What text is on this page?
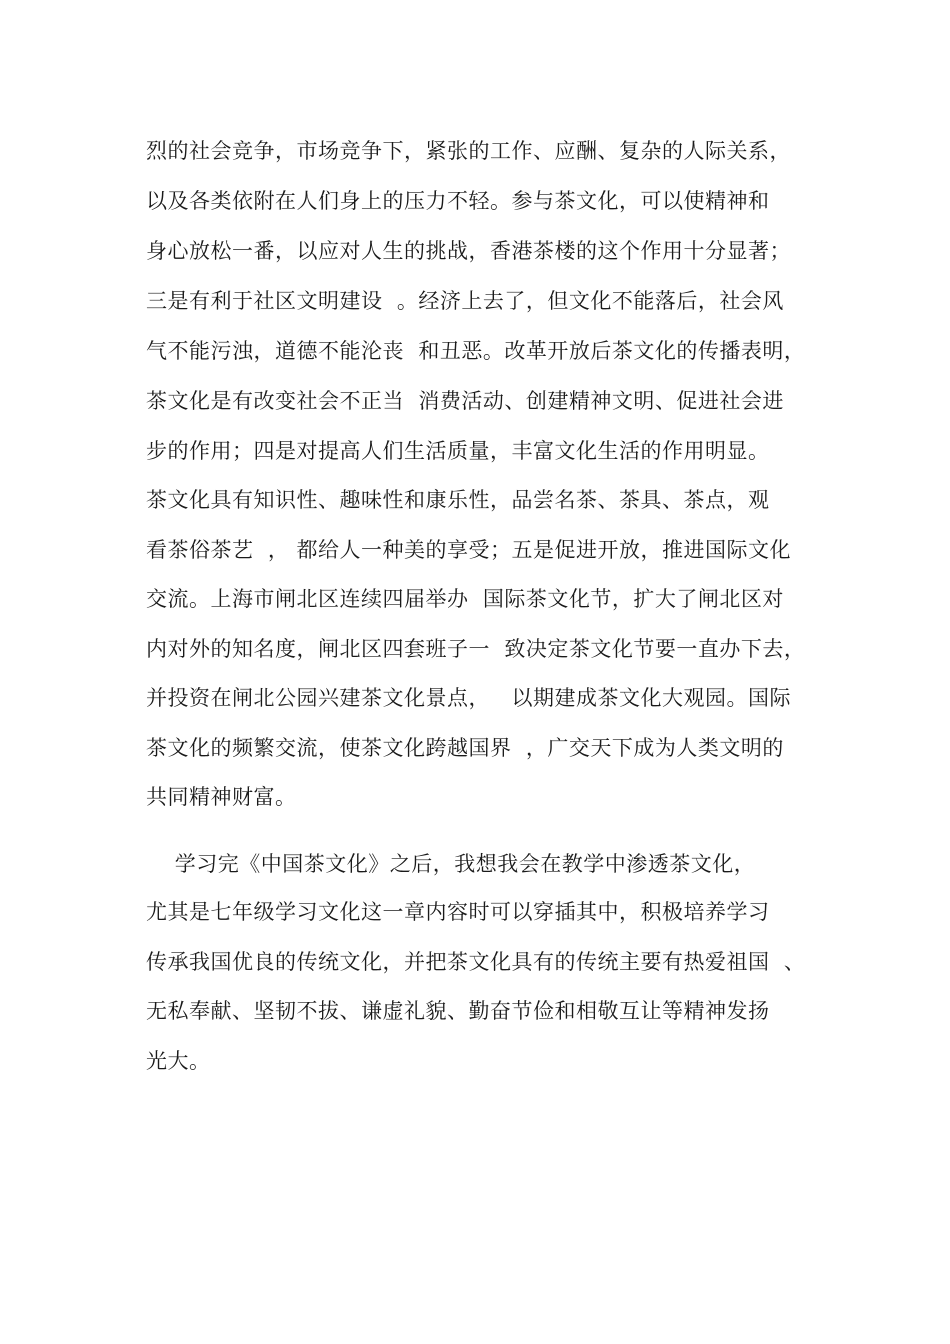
烈的社会竞争，市场竞争下，紧张的工作、应酬、复杂的人际关系，
以及各类依附在人们身上的压力不轻。参与茶文化，可以使精神和
身心放松一番，以应对人生的挑战，香港茶楼的这个作用十分显著；
三是有利于社区文明建设  。经济上去了，但文化不能落后，社会风
气不能污浊，道德不能沦丧  和丑恶。改革开放后茶文化的传播表明，
茶文化是有改变社会不正当  消费活动、创建精神文明、促进社会进
步的作用；四是对提高人们生活质量，丰富文化生活的作用明显。
茶文化具有知识性、趣味性和康乐性，品尝名茶、茶具、茶点，观
看茶俗茶艺  ， 都给人一种美的享受；五是促进开放，推进国际文化
交流。上海市闸北区连续四届举办  国际茶文化节，扩大了闸北区对
内对外的知名度，闸北区四套班子一  致决定茶文化节要一直办下去，
并投资在闸北公园兴建茶文化景点，   以期建成茶文化大观园。国际
茶文化的频繁交流，使茶文化跨越国界  ，广交天下成为人类文明的
共同精神财富。
学习完《中国茶文化》之后，我想我会在教学中渗透茶文化，
尤其是七年级学习文化这一章内容时可以穿插其中，积极培养学习
传承我国优良的传统文化，并把茶文化具有的传统主要有热爱祖国  、
无私奉献、坚韧不拔、谦虚礼貌、勤奋节俭和相敬互让等精神发扬
光大。
